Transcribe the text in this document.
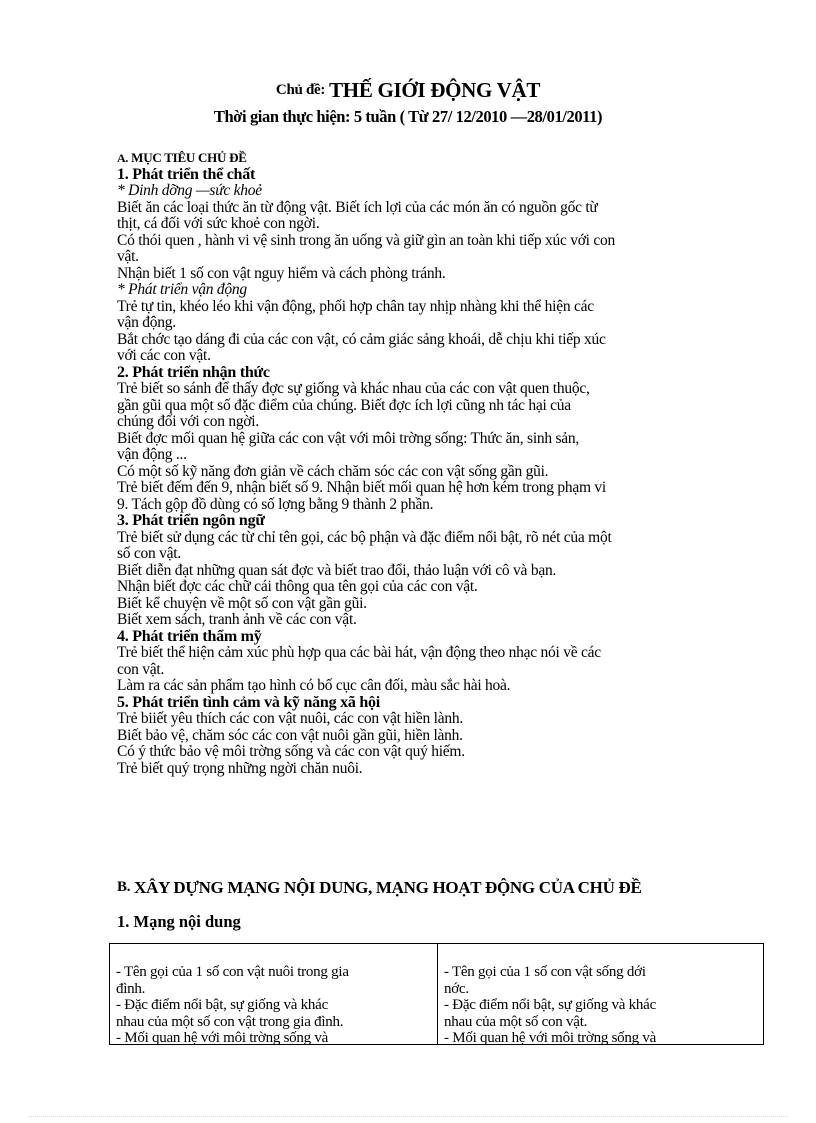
Chủ đề: THẾ GIỚI ĐỘNG VẬT
Thời gian thực hiện: 5 tuần ( Từ 27/ 12/2010 —28/01/2011)
A. MỤC TIÊU CHỦ ĐỀ
1. Phát triển thể chất
* Dinh dỡng —sức khoẻ
Biết ăn các loại thức ăn từ động vật. Biết ích lợi của các món ăn có nguồn gốc từ
thịt, cá đối với sức khoẻ con ngời.
Có thói quen , hành vi vệ sinh trong ăn uống và giữ gìn an toàn khi tiếp xúc với con
vật.
Nhận biết 1 số con vật nguy hiểm và cách phòng tránh.
* Phát triển vận động
Trẻ tự tin, khéo léo khi vận động, phối hợp chân tay nhịp nhàng khi thể hiện các
vận động.
Bắt chớc tạo dáng đi của các con vật, có cảm giác sảng khoái, dễ chịu khi tiếp xúc
với các con vật.
2. Phát triển nhận thức
Trẻ biết so sánh để thấy đợc sự giống và khác nhau của các con vật quen thuộc,
gần gũi qua một số đặc điểm của chúng. Biết đợc ích lợi cũng nh tác hại của
chúng đối với con ngời.
Biết đợc mối quan hệ giữa các con vật với môi trờng sống: Thức ăn, sinh sản,
vận động ...
Có một số kỹ năng đơn giản về cách chăm sóc các con vật sống gần gũi.
Trẻ biết đếm đến 9, nhận biết số 9. Nhận biết mối quan hệ hơn kém trong phạm vi
9. Tách gộp đồ dùng có số lợng bằng 9 thành 2 phần.
3. Phát triển ngôn ngữ
Trẻ biết sử dụng các từ chỉ tên gọi, các bộ phận và đặc điểm nổi bật, rõ nét của một
số con vật.
Biết diễn đạt những quan sát đợc và biết trao đổi, thảo luận với cô và bạn.
Nhận biết đợc các chữ cái thông qua tên gọi của các con vật.
Biết kể chuyện về một số con vật gần gũi.
Biết xem sách, tranh ảnh về các con vật.
4. Phát triển thẩm mỹ
Trẻ biết thể hiện cảm xúc phù hợp qua các bài hát, vận động theo nhạc nói về các
con vật.
Làm ra các sản phẩm tạo hình có bố cục cân đối, màu sắc hài hoà.
5. Phát triển tình cảm và kỹ năng xã hội
Trẻ biiết yêu thích các con vật nuôi, các con vật hiền lành.
Biết bảo vệ, chăm sóc các con vật nuôi gần gũi, hiền lành.
Có ý thức bảo vệ môi trờng sống và các con vật quý hiếm.
Trẻ biết quý trọng những ngời chăn nuôi.
B. XÂY DỰNG MẠNG NỘI DUNG, MẠNG HOẠT ĐỘNG CỦA CHỦ ĐỀ
1. Mạng nội dung
- Tên gọi của 1 số con vật nuôi trong gia
đình.
- Đặc điểm nổi bật, sự giống và khác
nhau của một số con vật trong gia đình.
- Mối quan hệ với môi trờng sống và
- Tên gọi của 1 số con vật sống dới
nớc.
- Đặc điểm nổi bật, sự giống và khác
nhau của một số con vật.
- Mối quan hệ với môi trờng sống và
